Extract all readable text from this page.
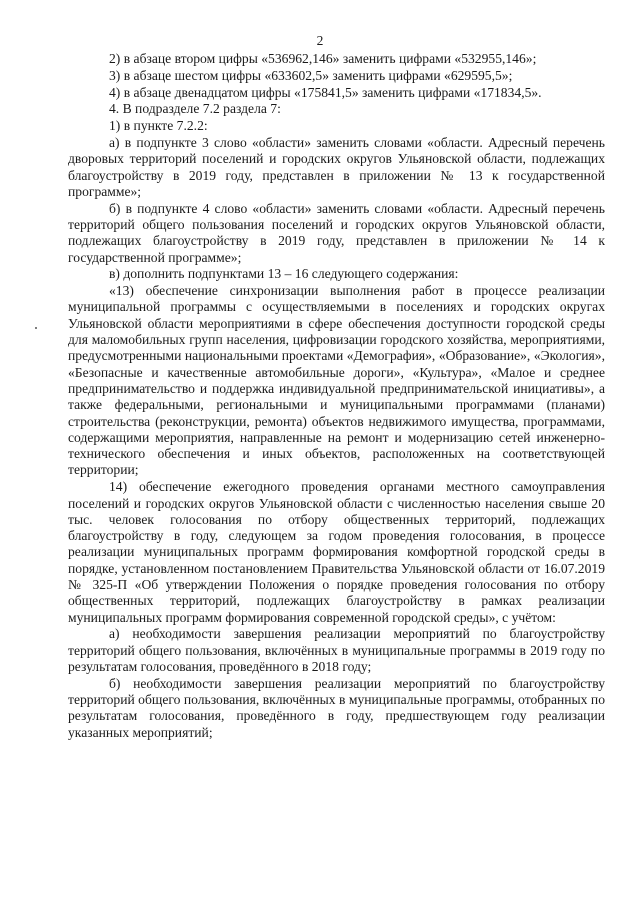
2

2) в абзаце втором цифры «536962,146» заменить цифрами «532955,146»;

3) в абзаце шестом цифры «633602,5» заменить цифрами «629595,5»;

4) в абзаце двенадцатом цифры «175841,5» заменить цифрами «171834,5».

4. В подразделе 7.2 раздела 7:

1) в пункте 7.2.2:

а) в подпункте 3 слово «области» заменить словами «области. Адресный перечень дворовых территорий поселений и городских округов Ульяновской области, подлежащих благоустройству в 2019 году, представлен в приложении № 13 к государственной программе»;

б) в подпункте 4 слово «области» заменить словами «области. Адресный перечень территорий общего пользования поселений и городских округов Ульяновской области, подлежащих благоустройству в 2019 году, представлен в приложении № 14 к государственной программе»;

в) дополнить подпунктами 13 – 16 следующего содержания:

«13) обеспечение синхронизации выполнения работ в процессе реализации муниципальной программы с осуществляемыми в поселениях и городских округах Ульяновской области мероприятиями в сфере обеспечения доступности городской среды для маломобильных групп населения, цифровизации городского хозяйства, мероприятиями, предусмотренными национальными проектами «Демография», «Образование», «Экология», «Безопасные и качественные автомобильные дороги», «Культура», «Малое и среднее предпринимательство и поддержка индивидуальной предпринимательской инициативы», а также федеральными, региональными и муниципальными программами (планами) строительства (реконструкции, ремонта) объектов недвижимого имущества, программами, содержащими мероприятия, направленные на ремонт и модернизацию сетей инженерно-технического обеспечения и иных объектов, расположенных на соответствующей территории;

14) обеспечение ежегодного проведения органами местного самоуправления поселений и городских округов Ульяновской области с численностью населения свыше 20 тыс. человек голосования по отбору общественных территорий, подлежащих благоустройству в году, следующем за годом проведения голосования, в процессе реализации муниципальных программ формирования комфортной городской среды в порядке, установленном постановлением Правительства Ульяновской области от 16.07.2019 № 325-П «Об утверждении Положения о порядке проведения голосования по отбору общественных территорий, подлежащих благоустройству в рамках реализации муниципальных программ формирования современной городской среды», с учётом:

а) необходимости завершения реализации мероприятий по благоустройству территорий общего пользования, включённых в муниципальные программы в 2019 году по результатам голосования, проведённого в 2018 году;

б) необходимости завершения реализации мероприятий по благоустройству территорий общего пользования, включённых в муниципальные программы, отобранных по результатам голосования, проведённого в году, предшествующем году реализации указанных мероприятий;
